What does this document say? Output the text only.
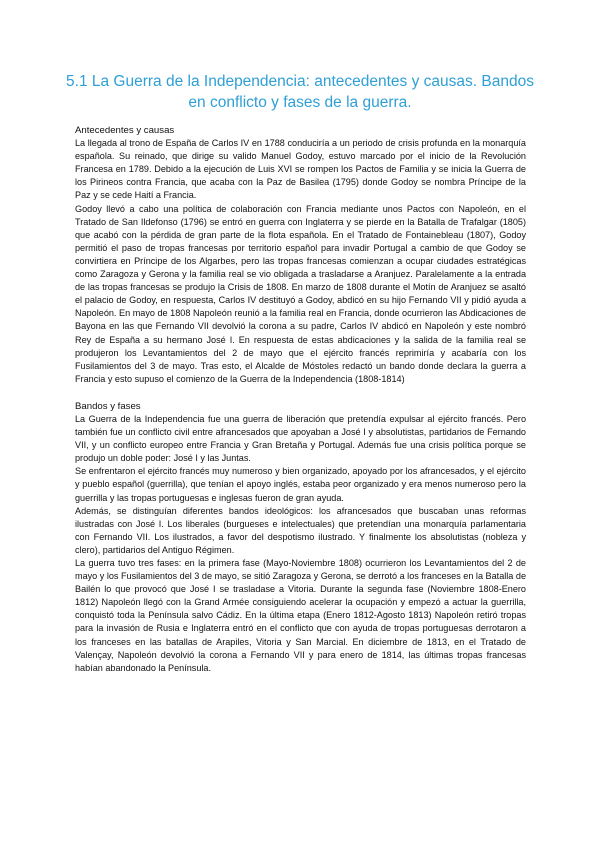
5.1 La Guerra de la Independencia: antecedentes y causas. Bandos en conflicto y fases de la guerra.
Antecedentes y causas

La llegada al trono de España de Carlos IV en 1788 conduciría a un periodo de crisis profunda en la monarquía española. Su reinado, que dirige su valido Manuel Godoy, estuvo marcado por el inicio de la Revolución Francesa en 1789. Debido a la ejecución de Luis XVI se rompen los Pactos de Familia y se inicia la Guerra de los Pirineos contra Francia, que acaba con la Paz de Basilea (1795) donde Godoy se nombra Príncipe de la Paz y se cede Haití a Francia.

Godoy llevó a cabo una política de colaboración con Francia mediante unos Pactos con Napoleón, en el Tratado de San Ildefonso (1796) se entró en guerra con Inglaterra y se pierde en la Batalla de Trafalgar (1805) que acabó con la pérdida de gran parte de la flota española. En el Tratado de Fontainebleau (1807), Godoy permitió el paso de tropas francesas por territorio español para invadir Portugal a cambio de que Godoy se convirtiera en Príncipe de los Algarbes, pero las tropas francesas comienzan a ocupar ciudades estratégicas como Zaragoza y Gerona y la familia real se vio obligada a trasladarse a Aranjuez. Paralelamente a la entrada de las tropas francesas se produjo la Crisis de 1808. En marzo de 1808 durante el Motín de Aranjuez se asaltó el palacio de Godoy, en respuesta, Carlos IV destituyó a Godoy, abdicó en su hijo Fernando VII y pidió ayuda a Napoleón. En mayo de 1808 Napoleón reunió a la familia real en Francia, donde ocurrieron las Abdicaciones de Bayona en las que Fernando VII devolvió la corona a su padre, Carlos IV abdicó en Napoleón y este nombró Rey de España a su hermano José I. En respuesta de estas abdicaciones y la salida de la familia real se produjeron los Levantamientos del 2 de mayo que el ejército francés reprimiría y acabaría con los Fusilamientos del 3 de mayo. Tras esto, el Alcalde de Móstoles redactó un bando donde declara la guerra a Francia y esto supuso el comienzo de la Guerra de la Independencia (1808-1814)

Bandos y fases

La Guerra de la Independencia fue una guerra de liberación que pretendía expulsar al ejército francés. Pero también fue un conflicto civil entre afrancesados que apoyaban a José I y absolutistas, partidarios de Fernando VII, y un conflicto europeo entre Francia y Gran Bretaña y Portugal. Además fue una crisis política porque se produjo un doble poder: José I y las Juntas.

Se enfrentaron el ejército francés muy numeroso y bien organizado, apoyado por los afrancesados, y el ejército y pueblo español (guerrilla), que tenían el apoyo inglés, estaba peor organizado y era menos numeroso pero la guerrilla y las tropas portuguesas e inglesas fueron de gran ayuda.

Además, se distinguían diferentes bandos ideológicos: los afrancesados que buscaban unas reformas ilustradas con José I. Los liberales (burgueses e intelectuales) que pretendían una monarquía parlamentaria con Fernando VII. Los ilustrados, a favor del despotismo ilustrado. Y finalmente los absolutistas (nobleza y clero), partidarios del Antiguo Régimen.

La guerra tuvo tres fases: en la primera fase (Mayo-Noviembre 1808) ocurrieron los Levantamientos del 2 de mayo y los Fusilamientos del 3 de mayo, se sitió Zaragoza y Gerona, se derrotó a los franceses en la Batalla de Bailén lo que provocó que José I se trasladase a Vitoria. Durante la segunda fase (Noviembre 1808-Enero 1812) Napoleón llegó con la Grand Armée consiguiendo acelerar la ocupación y empezó a actuar la guerrilla, conquistó toda la Península salvo Cádiz. En la última etapa (Enero 1812-Agosto 1813) Napoleón retiró tropas para la invasión de Rusia e Inglaterra entró en el conflicto que con ayuda de tropas portuguesas derrotaron a los franceses en las batallas de Arapiles, Vitoria y San Marcial. En diciembre de 1813, en el Tratado de Valençay, Napoleón devolvió la corona a Fernando VII y para enero de 1814, las últimas tropas francesas habían abandonado la Península.
